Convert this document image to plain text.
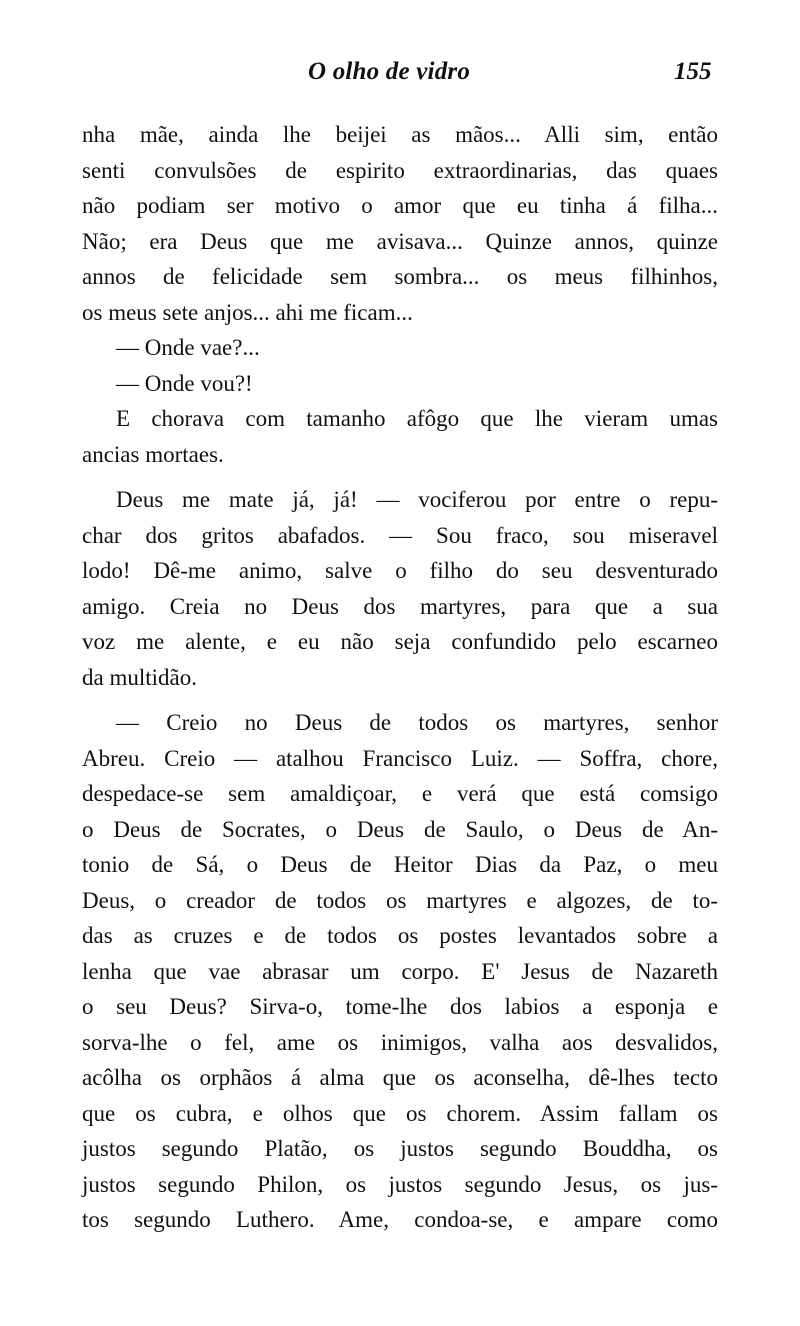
O olho de vidro	155
nha mãe, ainda lhe beijei as mãos... Alli sim, então
senti convulsões de espirito extraordinarias, das quaes
não podiam ser motivo o amor que eu tinha á filha...
Não; era Deus que me avisava... Quinze annos, quinze
annos de felicidade sem sombra... os meus filhinhos,
os meus sete anjos... ahi me ficam...
— Onde vae?...
— Onde vou?!
E chorava com tamanho afôgo que lhe vieram umas
ancias mortaes.
Deus me mate já, já! — vociferou por entre o repu-
char dos gritos abafados. — Sou fraco, sou miseravel
lodo! Dê-me animo, salve o filho do seu desventurado
amigo. Creia no Deus dos martyres, para que a sua
voz me alente, e eu não seja confundido pelo escarneo
da multidão.
— Creio no Deus de todos os martyres, senhor
Abreu. Creio — atalhou Francisco Luiz. — Soffra, chore,
despedace-se sem amaldiçoar, e verá que está comsigo
o Deus de Socrates, o Deus de Saulo, o Deus de An-
tonio de Sá, o Deus de Heitor Dias da Paz, o meu
Deus, o creador de todos os martyres e algozes, de to-
das as cruzes e de todos os postes levantados sobre a
lenha que vae abrasar um corpo. E' Jesus de Nazareth
o seu Deus? Sirva-o, tome-lhe dos labios a esponja e
sorva-lhe o fel, ame os inimigos, valha aos desvalidos,
acôlha os orphãos á alma que os aconselha, dê-lhes tecto
que os cubra, e olhos que os chorem. Assim fallam os
justos segundo Platão, os justos segundo Bouddha, os
justos segundo Philon, os justos segundo Jesus, os jus-
tos segundo Luthero. Ame, condoa-se, e ampare como
